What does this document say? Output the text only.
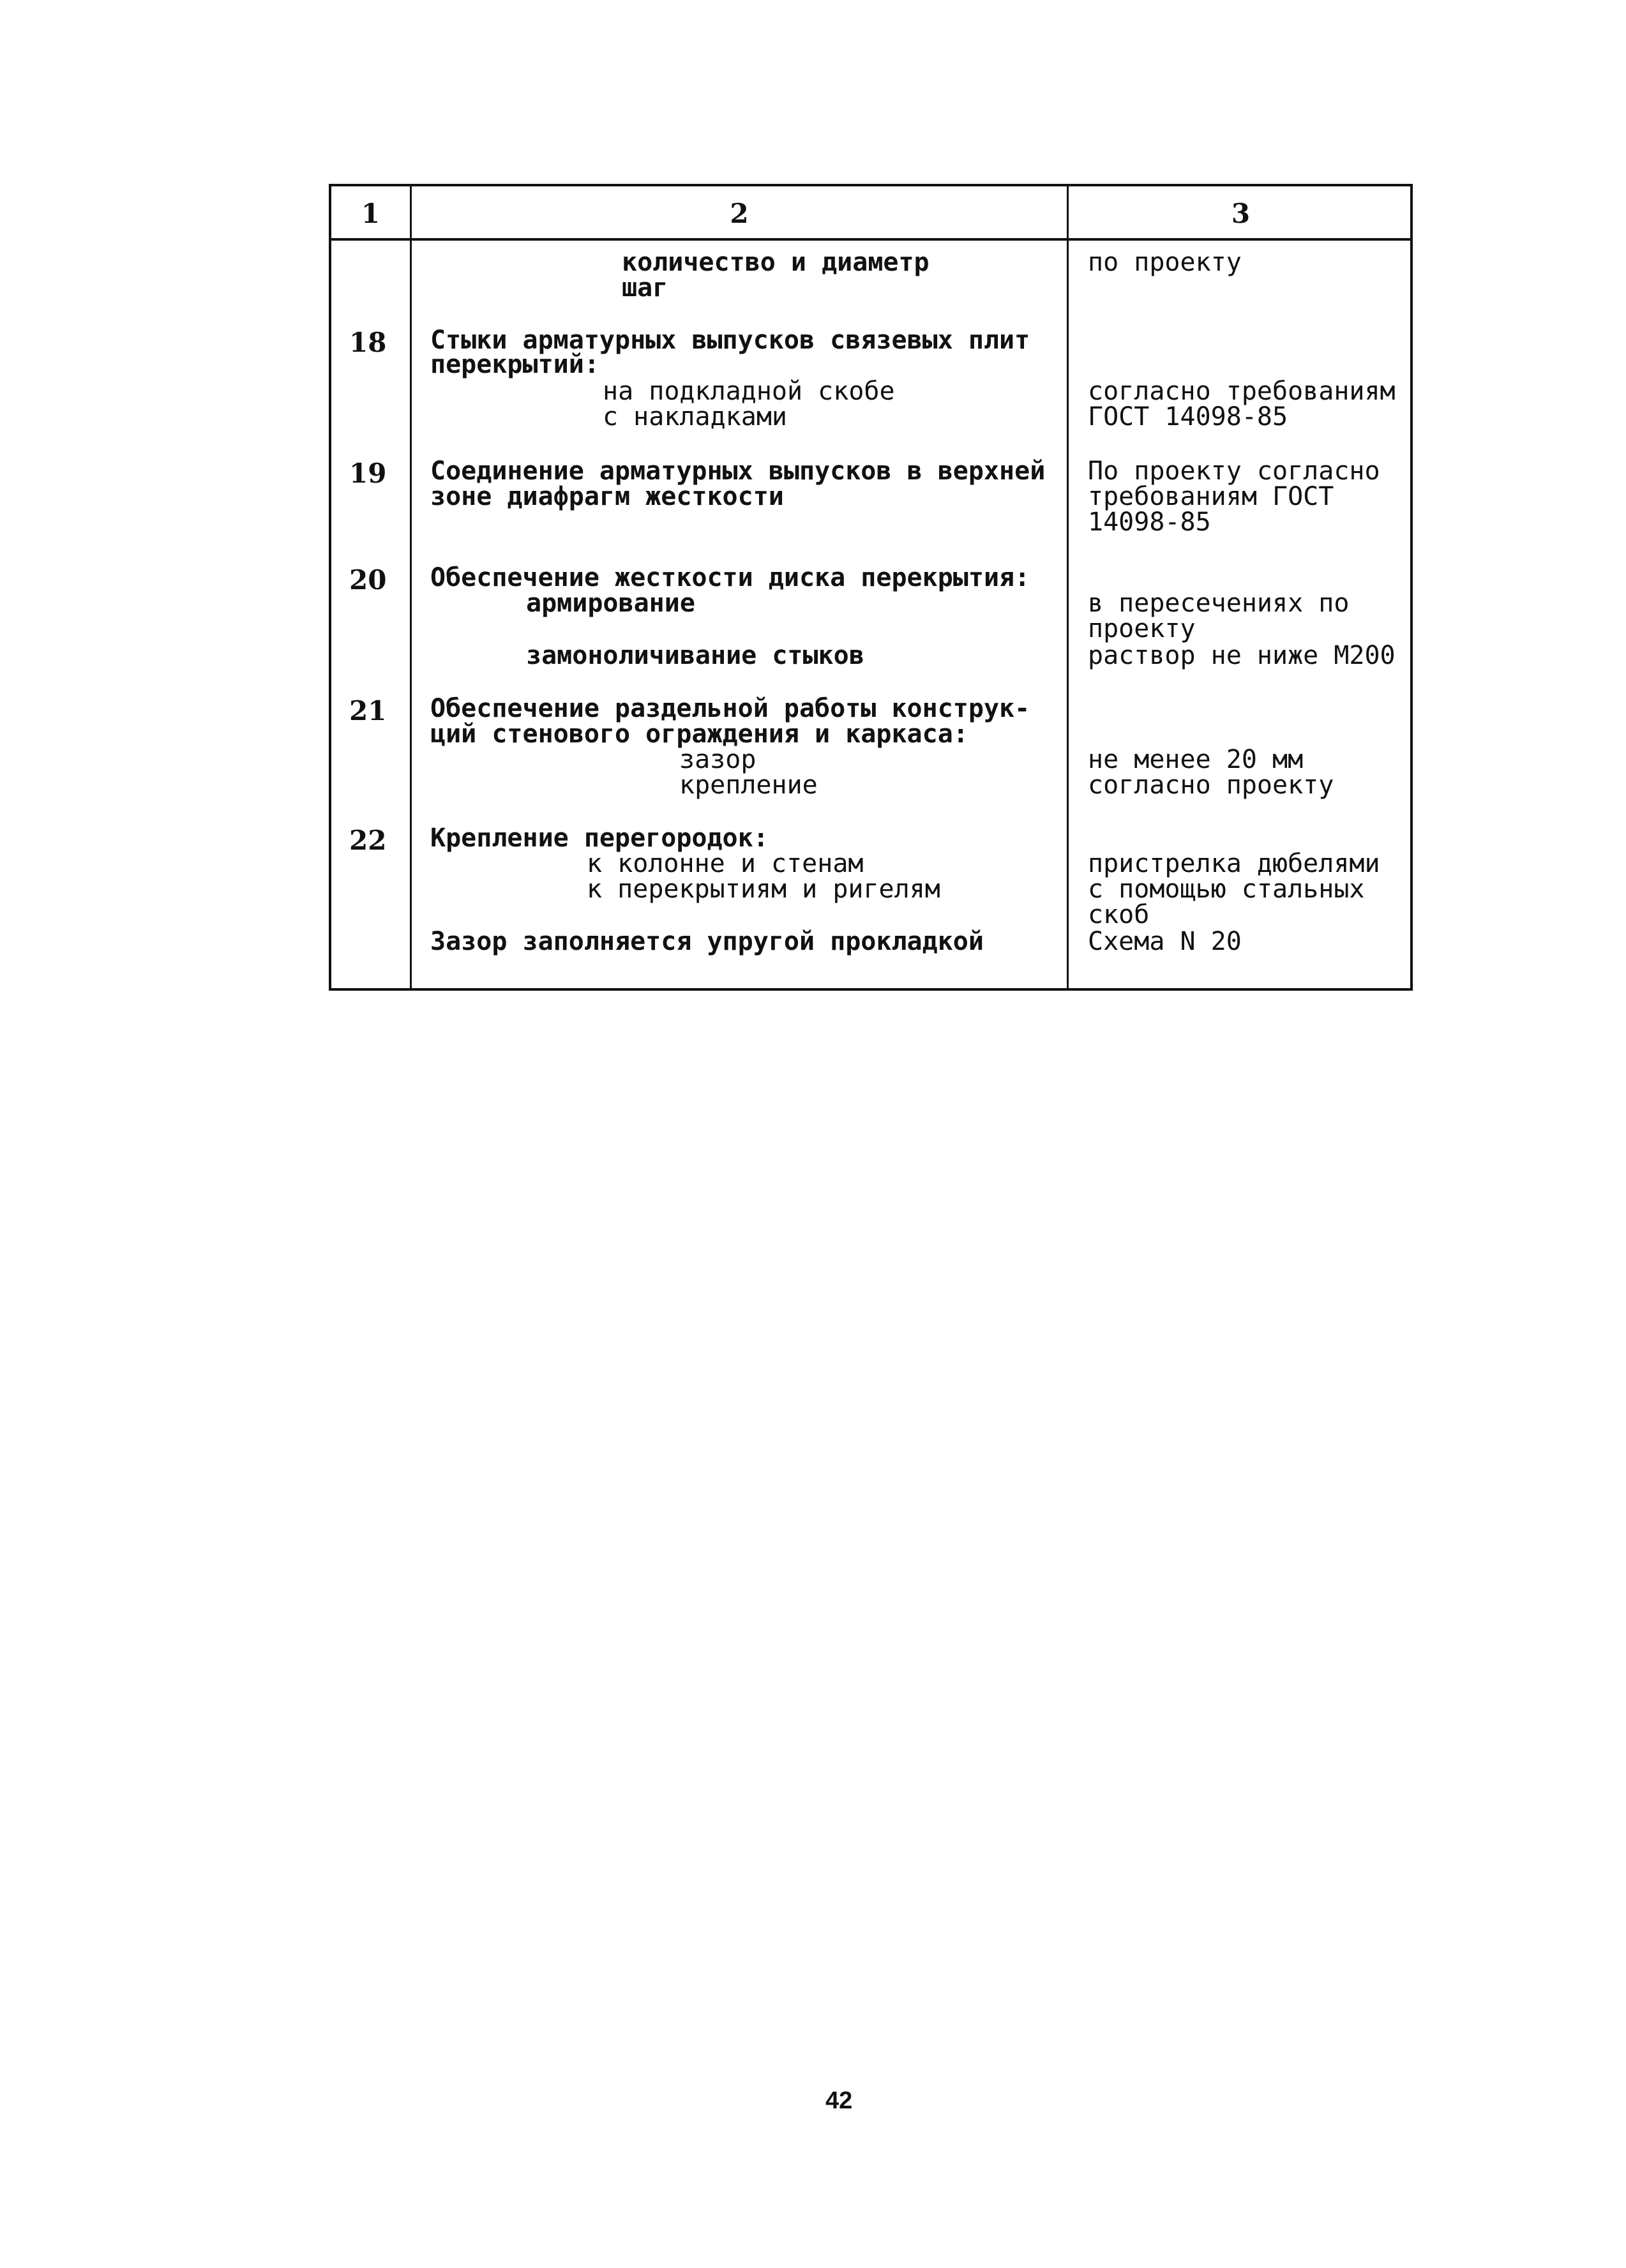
1	2	3
количество и диаметр
шаг
по проекту
18 Стыки арматурных выпусков связевых плит
перекрытий:
на подкладной скобе
с накладками
согласно требованиям
ГОСТ 14098-85
19 Соединение арматурных выпусков в верхней
зоне диафрагм жесткости
По проекту согласно
требованиям ГОСТ
14098-85
20 Обеспечение жесткости диска перекрытия:
армирование
замоноличивание стыков
в пересечениях по
проекту
раствор не ниже М200
21 Обеспечение раздельной работы конструк-
ций стенового ограждения и каркаса:
зазор
крепление
не менее 20 мм
согласно проекту
22 Крепление перегородок:
к колонне и стенам
к перекрытиям и ригелям
Зазор заполняется упругой прокладкой
пристрелка дюбелями
с помощью стальных
скоб
Схема N 20
42
